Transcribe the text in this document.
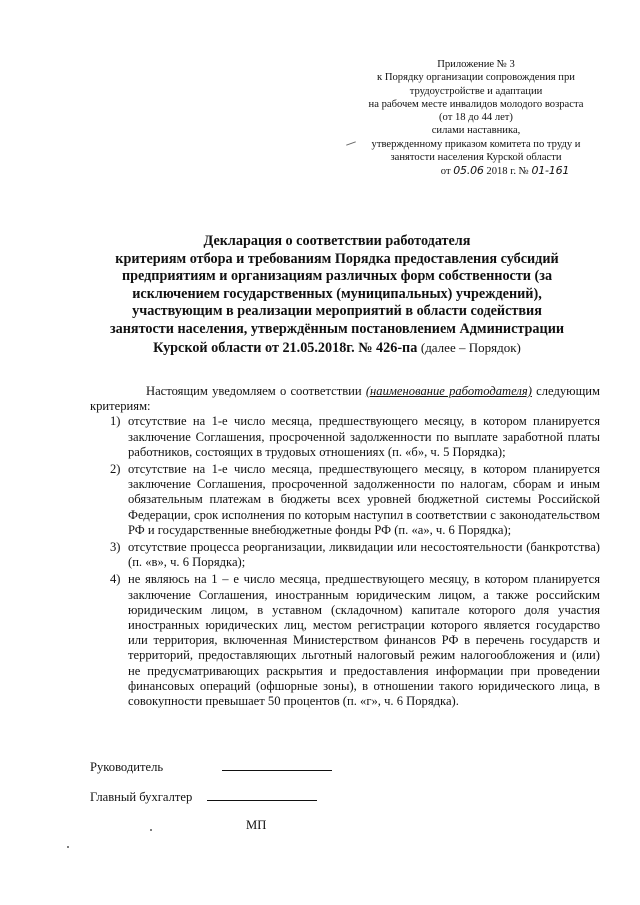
Приложение № 3
к Порядку организации сопровождения при
трудоустройстве и адаптации
на рабочем месте инвалидов молодого возраста
(от 18 до 44 лет)
силами наставника,
утвержденному приказом комитета по труду и
занятости населения Курской области
от 05.06 2018 г. № 01-161
Декларация о соответствии работодателя
критериям отбора и требованиям Порядка предоставления субсидий
предприятиям и организациям различных форм собственности (за
исключением государственных (муниципальных) учреждений),
участвующим в реализации мероприятий в области содействия
занятости населения, утверждённым постановлением Администрации
Курской области от 21.05.2018г. № 426-па (далее – Порядок)

Настоящим уведомляем о соответствии (наименование работодателя) следующим критериям:

1) отсутствие на 1-е число месяца, предшествующего месяцу, в котором планируется заключение Соглашения, просроченной задолженности по выплате заработной платы работников, состоящих в трудовых отношениях (п. «б», ч. 5 Порядка);
2) отсутствие на 1-е число месяца, предшествующего месяцу, в котором планируется заключение Соглашения, просроченной задолженности по налогам, сборам и иным обязательным платежам в бюджеты всех уровней бюджетной системы Российской Федерации, срок исполнения по которым наступил в соответствии с законодательством РФ и государственные внебюджетные фонды РФ (п. «а», ч. 6 Порядка);
3) отсутствие процесса реорганизации, ликвидации или несостоятельности (банкротства) (п. «в», ч. 6 Порядка);
4) не являюсь на 1 – е число месяца, предшествующего месяцу, в котором планируется заключение Соглашения, иностранным юридическим лицом, а также российским юридическим лицом, в уставном (складочном) капитале которого доля участия иностранных юридических лиц, местом регистрации которого является государство или территория, включенная Министерством финансов РФ в перечень государств и территорий, предоставляющих льготный налоговый режим налогообложения и (или) не предусматривающих раскрытия и предоставления информации при проведении финансовых операций (офшорные зоны), в отношении такого юридического лица, в совокупности превышает 50 процентов (п. «г», ч. 6 Порядка).
Руководитель
Главный бухгалтер
МП
